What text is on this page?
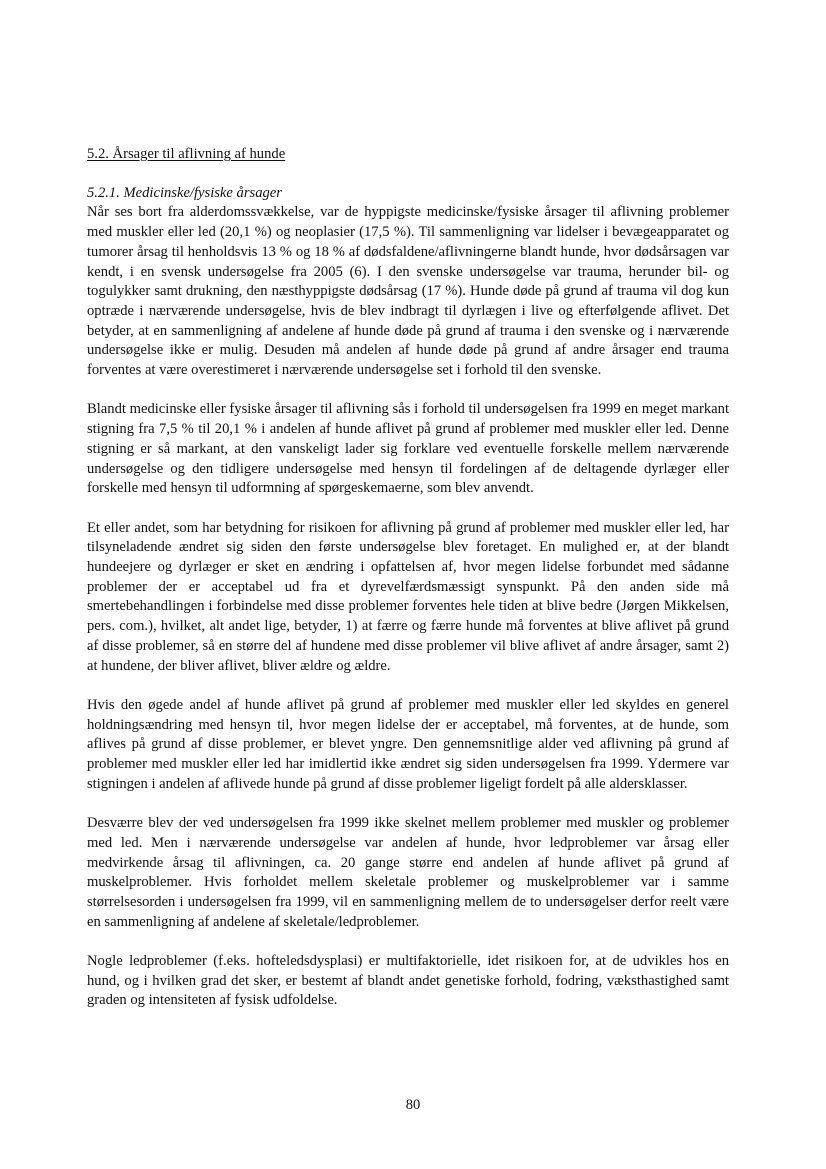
5.2. Årsager til aflivning af hunde
5.2.1. Medicinske/fysiske årsager

Når ses bort fra alderdomssvækkelse, var de hyppigste medicinske/fysiske årsager til aflivning problemer med muskler eller led (20,1 %) og neoplasier (17,5 %). Til sammenligning var lidelser i bevægeapparatet og tumorer årsag til henholdsvis 13 % og 18 % af dødsfaldene/aflivningerne blandt hunde, hvor dødsårsagen var kendt, i en svensk undersøgelse fra 2005 (6). I den svenske undersøgelse var trauma, herunder bil- og togulykker samt drukning, den næsthyppigste dødsårsag (17 %). Hunde døde på grund af trauma vil dog kun optræde i nærværende undersøgelse, hvis de blev indbragt til dyrlægen i live og efterfølgende aflivet. Det betyder, at en sammenligning af andelene af hunde døde på grund af trauma i den svenske og i nærværende undersøgelse ikke er mulig. Desuden må andelen af hunde døde på grund af andre årsager end trauma forventes at være overestimeret i nærværende undersøgelse set i forhold til den svenske.

Blandt medicinske eller fysiske årsager til aflivning sås i forhold til undersøgelsen fra 1999 en meget markant stigning fra 7,5 % til 20,1 % i andelen af hunde aflivet på grund af problemer med muskler eller led. Denne stigning er så markant, at den vanskeligt lader sig forklare ved eventuelle forskelle mellem nærværende undersøgelse og den tidligere undersøgelse med hensyn til fordelingen af de deltagende dyrlæger eller forskelle med hensyn til udformning af spørgeskemaerne, som blev anvendt.

Et eller andet, som har betydning for risikoen for aflivning på grund af problemer med muskler eller led, har tilsyneladende ændret sig siden den første undersøgelse blev foretaget. En mulighed er, at der blandt hundeejere og dyrlæger er sket en ændring i opfattelsen af, hvor megen lidelse forbundet med sådanne problemer der er acceptabel ud fra et dyrevelfærdsmæssigt synspunkt. På den anden side må smertebehandlingen i forbindelse med disse problemer forventes hele tiden at blive bedre (Jørgen Mikkelsen, pers. com.), hvilket, alt andet lige, betyder, 1) at færre og færre hunde må forventes at blive aflivet på grund af disse problemer, så en større del af hundene med disse problemer vil blive aflivet af andre årsager, samt 2) at hundene, der bliver aflivet, bliver ældre og ældre.

Hvis den øgede andel af hunde aflivet på grund af problemer med muskler eller led skyldes en generel holdningsændring med hensyn til, hvor megen lidelse der er acceptabel, må forventes, at de hunde, som aflives på grund af disse problemer, er blevet yngre. Den gennemsnitlige alder ved aflivning på grund af problemer med muskler eller led har imidlertid ikke ændret sig siden undersøgelsen fra 1999. Ydermere var stigningen i andelen af aflivede hunde på grund af disse problemer ligeligt fordelt på alle aldersklasser.

Desværre blev der ved undersøgelsen fra 1999 ikke skelnet mellem problemer med muskler og problemer med led. Men i nærværende undersøgelse var andelen af hunde, hvor ledproblemer var årsag eller medvirkende årsag til aflivningen, ca. 20 gange større end andelen af hunde aflivet på grund af muskelproblemer. Hvis forholdet mellem skeletale problemer og muskelproblemer var i samme størrelsesorden i undersøgelsen fra 1999, vil en sammenligning mellem de to undersøgelser derfor reelt være en sammenligning af andelene af skeletale/ledproblemer.

Nogle ledproblemer (f.eks. hofteledsdysplasi) er multifaktorielle, idet risikoen for, at de udvikles hos en hund, og i hvilken grad det sker, er bestemt af blandt andet genetiske forhold, fodring, væksthastighed samt graden og intensiteten af fysisk udfoldelse.

80
